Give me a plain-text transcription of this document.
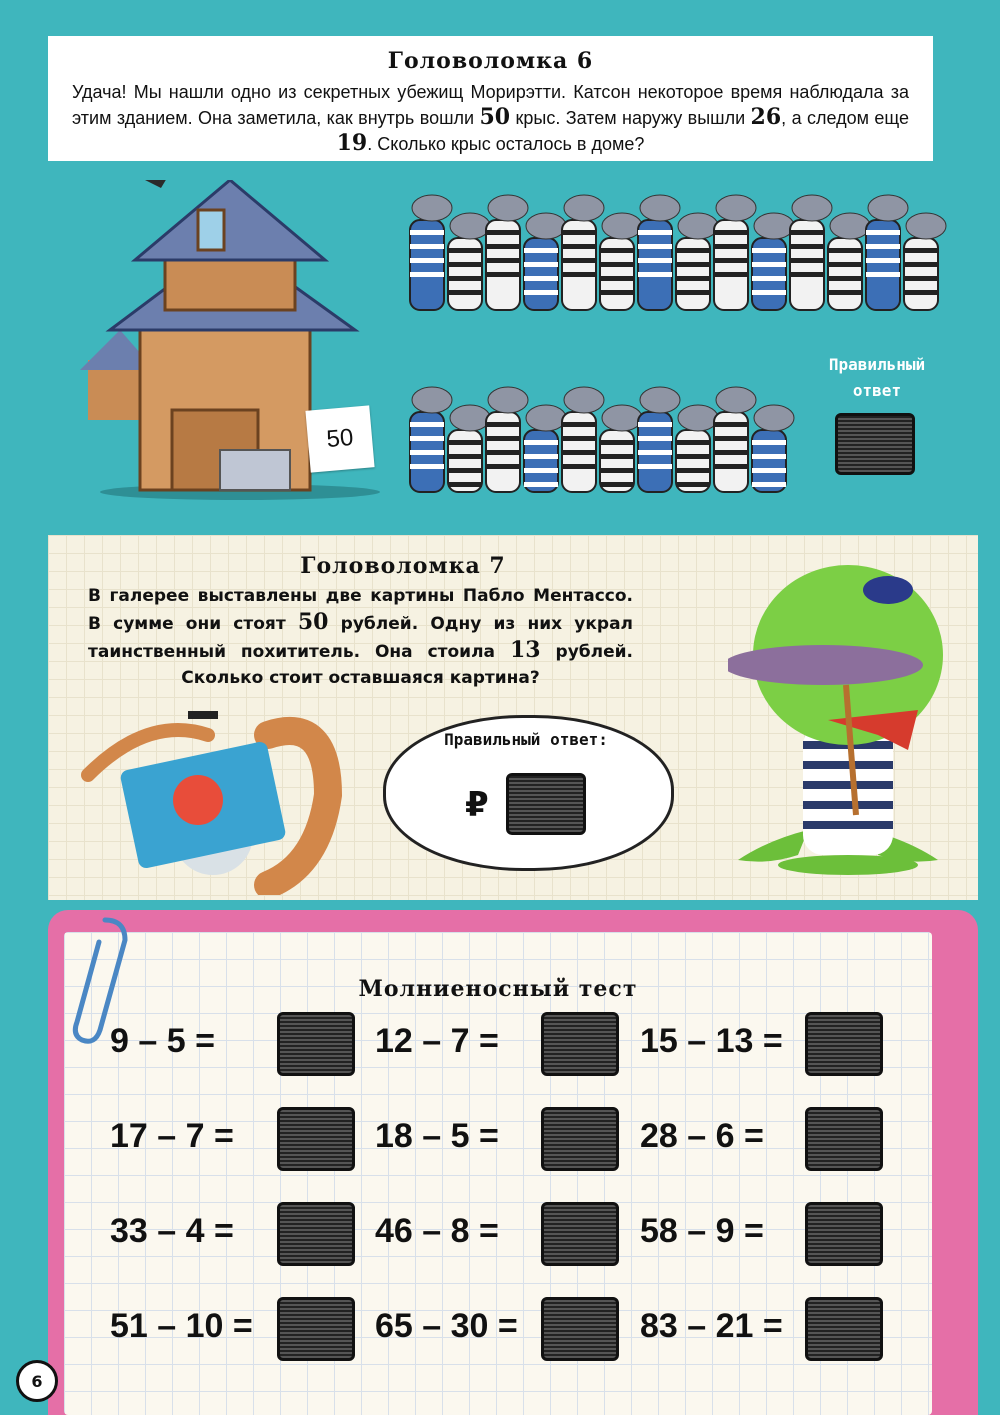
Головоломка 6
Удача! Мы нашли одно из секретных убежищ Морирэтти. Катсон некоторое время наблюдала за этим зданием. Она заметила, как внутрь вошли 50 крыс. Затем наружу вышли 26, а следом еще 19. Сколько крыс осталось в доме?
50
Правильный
ответ
Головоломка 7
В галерее выставлены две картины Пабло Ментассо. В сумме они стоят 50 рублей. Одну из них украл таинственный похититель. Она стоила 13 рублей. Сколько стоит оставшаяся картина?
Правильный ответ:
₽
Молниеносный тест
9 – 5 =	12 – 7 =	15 – 13 =
17 – 7 =	18 – 5 =	28 – 6 =
33 – 4 =	46 – 8 =	58 – 9 =
51 – 10 =	65 – 30 =	83 – 21 =
6
